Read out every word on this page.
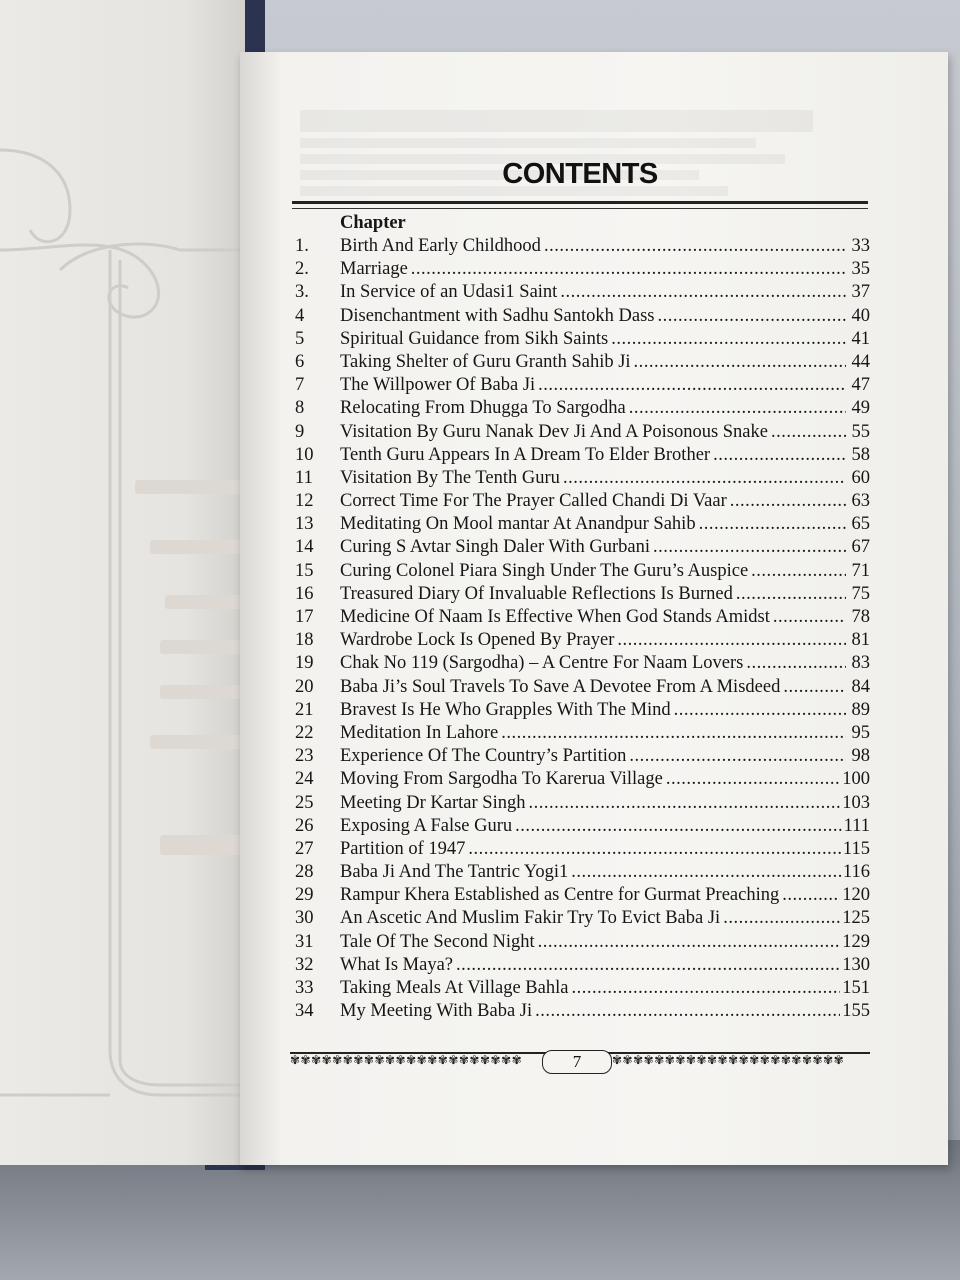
CONTENTS
Chapter
1.	Birth And Early Childhood .....	33
2.	Marriage .....	35
3.	In Service of an Udasi1 Saint .....	37
4	Disenchantment with Sadhu Santokh Dass .....	40
5	Spiritual Guidance from Sikh Saints .....	41
6	Taking Shelter of Guru Granth Sahib Ji .....	44
7	The Willpower Of Baba Ji .....	47
8	Relocating From Dhugga To Sargodha .....	49
9	Visitation By Guru Nanak Dev Ji And A Poisonous Snake .....	55
10	Tenth Guru Appears In A Dream To Elder Brother .....	58
11	Visitation By The Tenth Guru .....	60
12	Correct Time For The Prayer Called Chandi Di Vaar .....	63
13	Meditating On Mool mantar At Anandpur Sahib .....	65
14	Curing S Avtar Singh Daler With Gurbani .....	67
15	Curing Colonel Piara Singh Under The Guru’s Auspice .....	71
16	Treasured Diary Of Invaluable Reflections Is Burned .....	75
17	Medicine Of Naam Is Effective When God Stands Amidst .....	78
18	Wardrobe Lock Is Opened By Prayer .....	81
19	Chak No 119 (Sargodha) – A Centre For Naam Lovers .....	83
20	Baba Ji’s Soul Travels To Save A Devotee From A Misdeed .....	84
21	Bravest Is He Who Grapples With The Mind .....	89
22	Meditation In Lahore .....	95
23	Experience Of The Country’s Partition .....	98
24	Moving From Sargodha To Karerua Village .....	100
25	Meeting Dr Kartar Singh .....	103
26	Exposing A False Guru .....	111
27	Partition of 1947 .....	115
28	Baba Ji And The Tantric Yogi1 .....	116
29	Rampur Khera Established as Centre for Gurmat Preaching .....	120
30	An Ascetic And Muslim Fakir Try To Evict Baba Ji .....	125
31	Tale Of The Second Night .....	129
32	What Is Maya? .....	130
33	Taking Meals At Village Bahla .....	151
34	My Meeting With Baba Ji .....	155
✾✾✾✾✾✾✾✾✾✾✾✾✾✾✾✾✾✾✾✾✾✾	7	✾✾✾✾✾✾✾✾✾✾✾✾✾✾✾✾✾✾✾✾✾✾
